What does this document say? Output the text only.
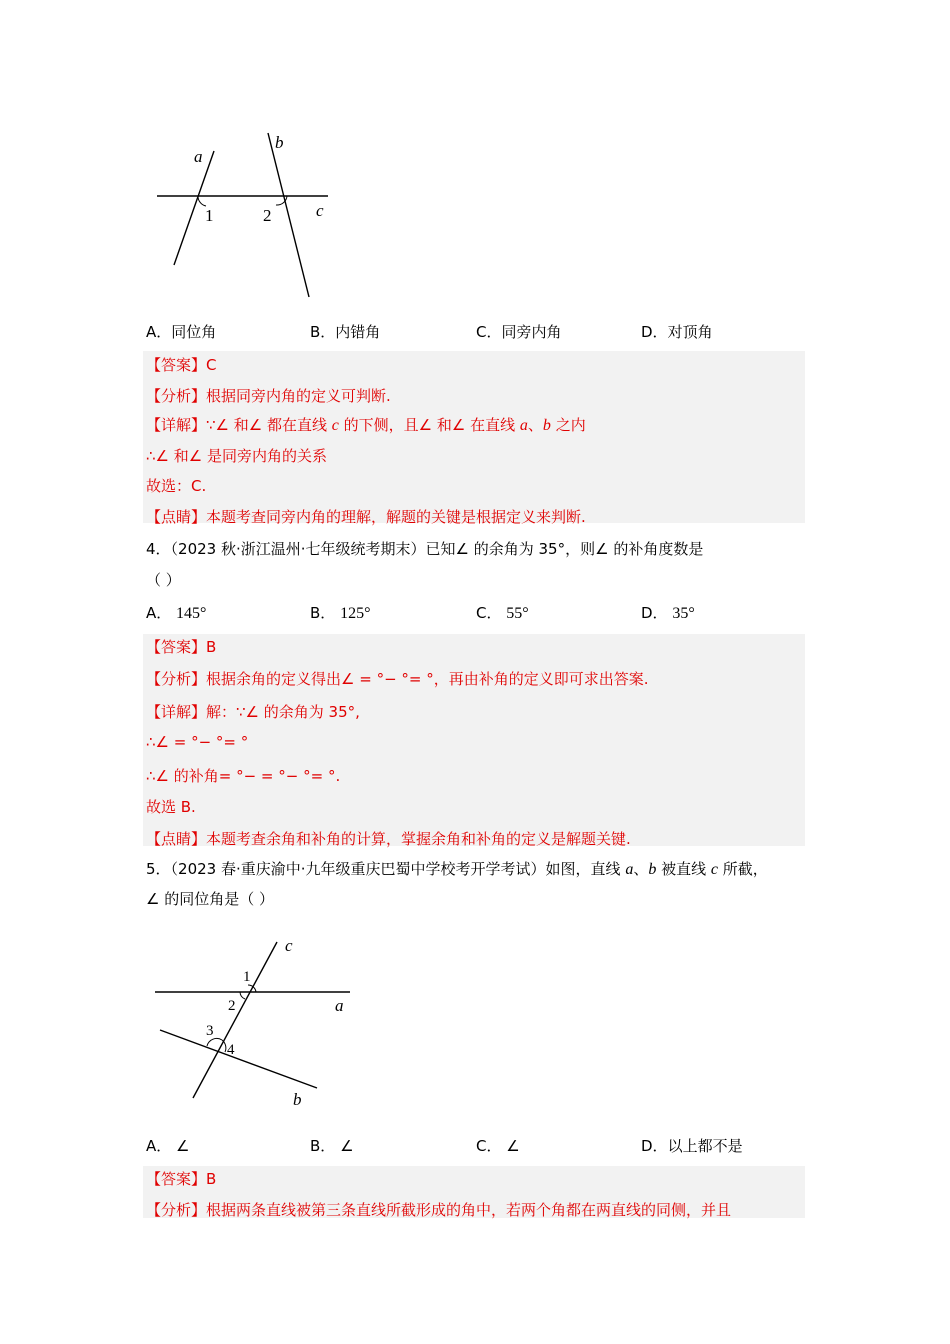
a
b
c
1	2
A．同位角	B．内错角	C．同旁内角	D．对顶角
【答案】C
【分析】根据同旁内角的定义可判断.
【详解】∵∠ 和∠ 都在直线 c 的下侧，且∠ 和∠ 在直线 a、b 之内
∴∠ 和∠ 是同旁内角的关系
故选：C.
【点睛】本题考查同旁内角的理解，解题的关键是根据定义来判断.
4．（2023 秋·浙江温州·七年级统考期末）已知∠ 的余角为 35°，则∠ 的补角度数是
（ ）
A． 145°	B． 125°	C． 55°	D． 35°
【答案】B
【分析】根据余角的定义得出∠ = °− °= °，再由补角的定义即可求出答案.
【详解】解：∵∠ 的余角为 35°,
∴∠ = °− °= °
∴∠ 的补角= °− = °− °= °.
故选 B.
【点睛】本题考查余角和补角的计算，掌握余角和补角的定义是解题关键.
5．（2023 春·重庆渝中·九年级重庆巴蜀中学校考开学考试）如图，直线 a、b 被直线 c 所截，
∠ 的同位角是（ ）
c
a
b
1
2
3
4
A． ∠	B． ∠	C． ∠	D．以上都不是
【答案】B
【分析】根据两条直线被第三条直线所截形成的角中，若两个角都在两直线的同侧，并且
